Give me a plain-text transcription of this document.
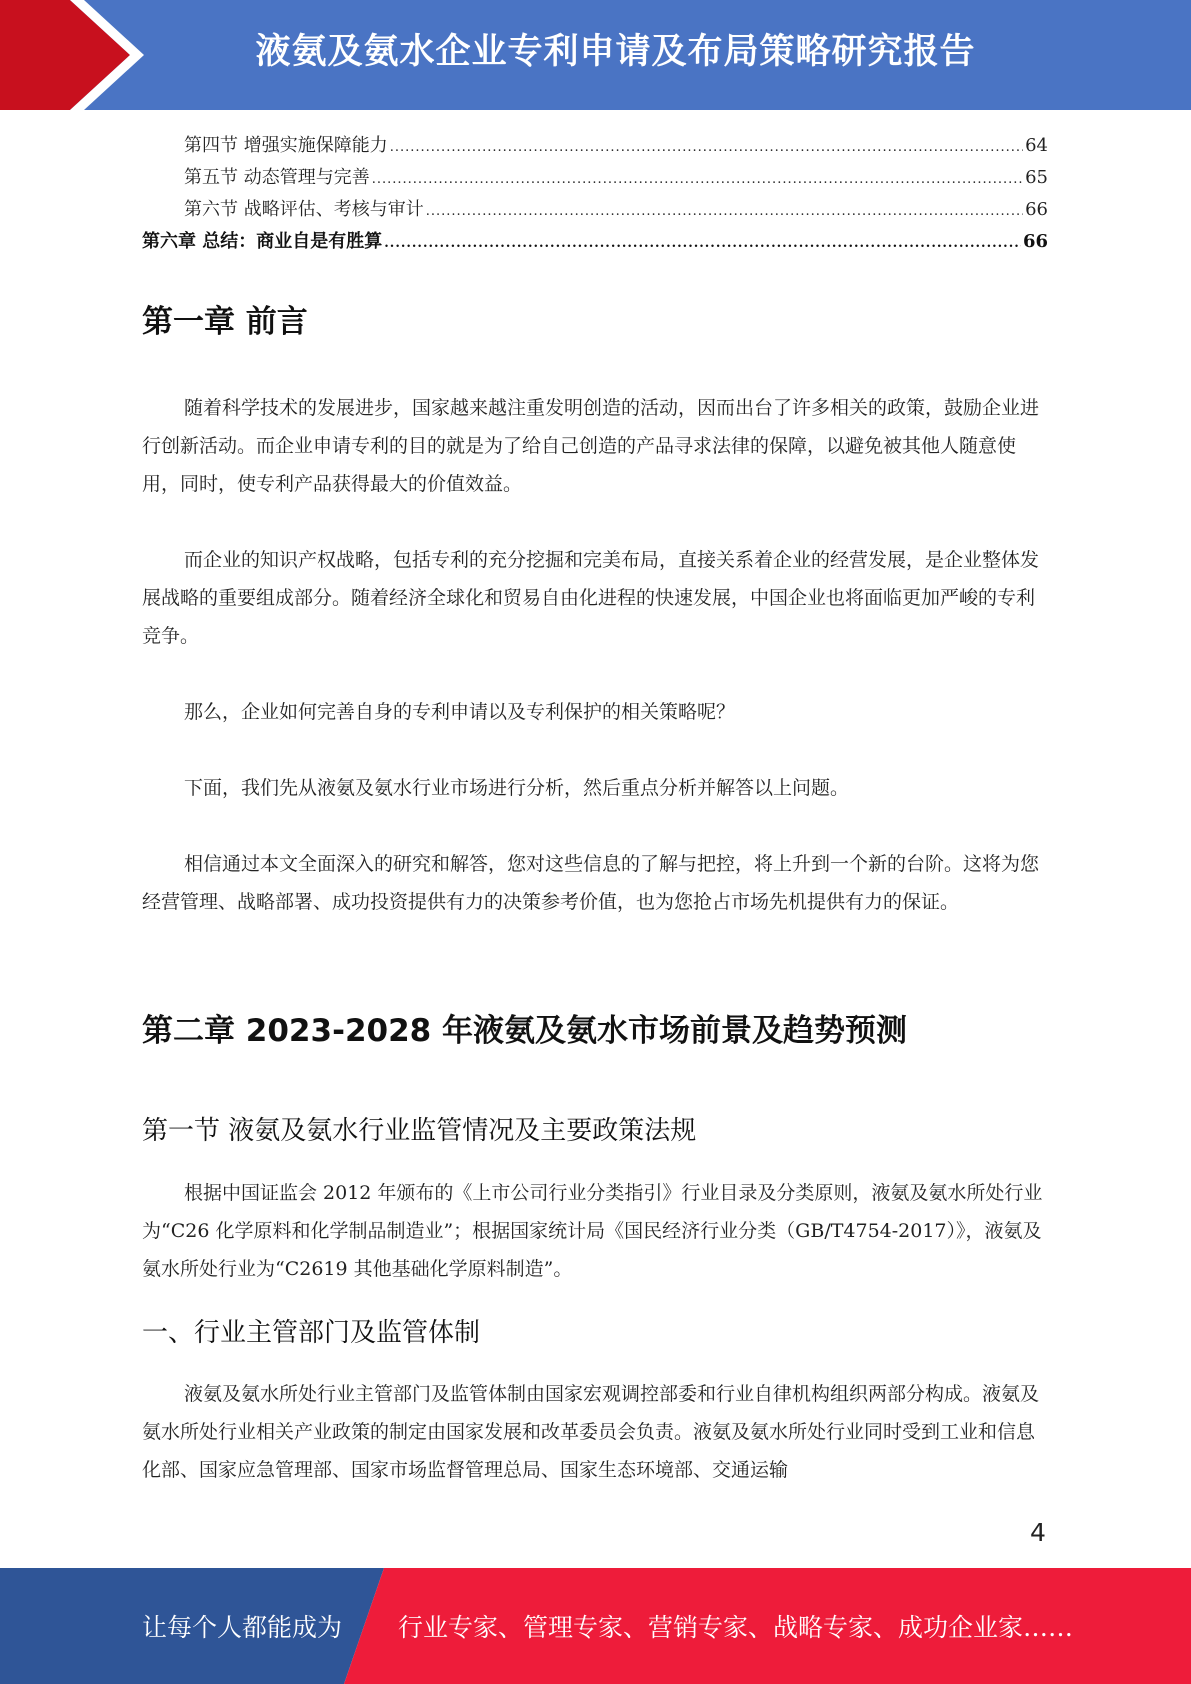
液氨及氨水企业专利申请及布局策略研究报告
第四节 增强实施保障能力 .....	64
第五节 动态管理与完善 .....	65
第六节 战略评估、考核与审计 .....	66
第六章 总结：商业自是有胜算 .....	66
第一章 前言

随着科学技术的发展进步，国家越来越注重发明创造的活动，因而出台了许多相关的政策，鼓励企业进行创新活动。而企业申请专利的目的就是为了给自己创造的产品寻求法律的保障，以避免被其他人随意使用，同时，使专利产品获得最大的价值效益。

而企业的知识产权战略，包括专利的充分挖掘和完美布局，直接关系着企业的经营发展，是企业整体发展战略的重要组成部分。随着经济全球化和贸易自由化进程的快速发展，中国企业也将面临更加严峻的专利竞争。

那么，企业如何完善自身的专利申请以及专利保护的相关策略呢？

下面，我们先从液氨及氨水行业市场进行分析，然后重点分析并解答以上问题。

相信通过本文全面深入的研究和解答，您对这些信息的了解与把控，将上升到一个新的台阶。这将为您经营管理、战略部署、成功投资提供有力的决策参考价值，也为您抢占市场先机提供有力的保证。

第二章 2023-2028 年液氨及氨水市场前景及趋势预测
第一节 液氨及氨水行业监管情况及主要政策法规

根据中国证监会 2012 年颁布的《上市公司行业分类指引》行业目录及分类原则，液氨及氨水所处行业为“C26 化学原料和化学制品制造业”；根据国家统计局《国民经济行业分类（GB/T4754-2017）》，液氨及氨水所处行业为“C2619 其他基础化学原料制造”。

一、行业主管部门及监管体制

液氨及氨水所处行业主管部门及监管体制由国家宏观调控部委和行业自律机构组织两部分构成。液氨及氨水所处行业相关产业政策的制定由国家发展和改革委员会负责。液氨及氨水所处行业同时受到工业和信息化部、国家应急管理部、国家市场监督管理总局、国家生态环境部、交通运输

4
让每个人都能成为 行业专家、管理专家、营销专家、战略专家、成功企业家……
